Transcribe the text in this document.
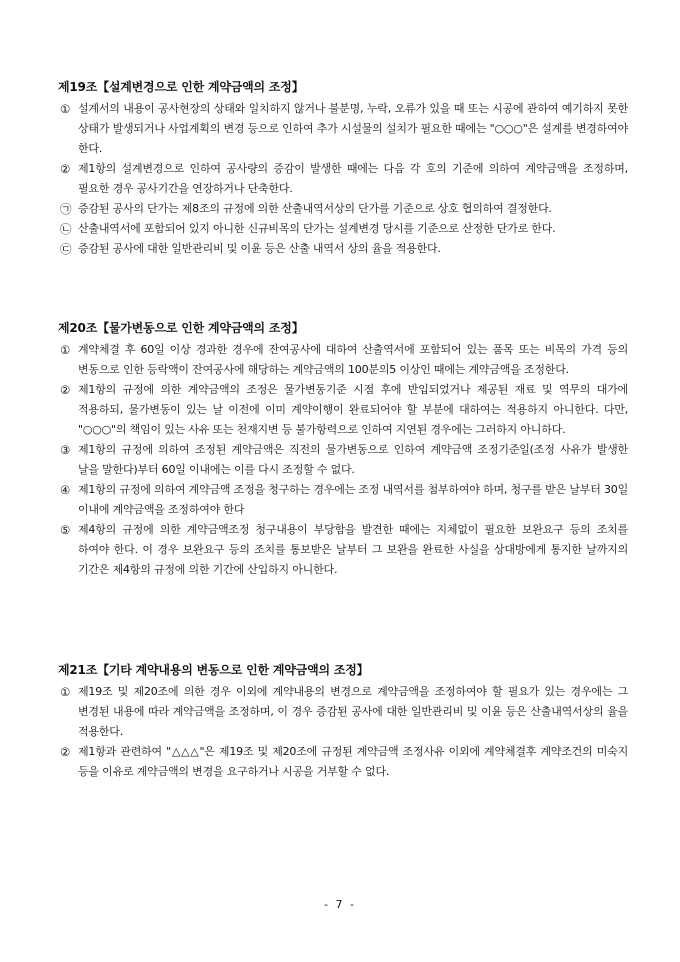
제19조【설계변경으로 인한 계약금액의 조정】
① 설계서의 내용이 공사현장의 상태와 일치하지 않거나 불분명, 누락, 오류가 있을 때 또는 시공에 관하여 예기하지 못한 상태가 발생되거나 사업계획의 변경 등으로 인하여 추가 시설물의 설치가 필요한 때에는 "○○○"은 설계를 변경하여야 한다.
② 제1항의 설계변경으로 인하여 공사량의 증감이 발생한 때에는 다음 각 호의 기준에 의하여 계약금액을 조정하며, 필요한 경우 공사기간을 연장하거나 단축한다.
㉠ 증감된 공사의 단가는 제8조의 규정에 의한 산출내역서상의 단가를 기준으로 상호 협의하여 결정한다.
㉡ 산출내역서에 포함되어 있지 아니한 신규비목의 단가는 설계변경 당시를 기준으로 산정한 단가로 한다.
㉢ 증감된 공사에 대한 일반관리비 및 이윤 등은 산출 내역서 상의 율을 적용한다.
제20조【물가변동으로 인한 계약금액의 조정】
① 계약체결 후 60일 이상 경과한 경우에 잔여공사에 대하여 산출역서에 포함되어 있는 품목 또는 비목의 가격 등의 변동으로 인한 등락액이 잔여공사에 해당하는 계약금액의 100분의5 이상인 때에는 계약금액을 조정한다.
② 제1항의 규정에 의한 계약금액의 조정은 물가변동기준 시점 후에 반입되었거나 제공된 재료 및 역무의 대가에 적용하되, 물가변동이 있는 날 이전에 이미 계약이행이 완료되어야 할 부분에 대하여는 적용하지 아니한다. 다만, "○○○"의 책임이 있는 사유 또는 천재지변 등 불가항력으로 인하여 지연된 경우에는 그러하지 아니하다.
③ 제1항의 규정에 의하여 조정된 계약금액은 직전의 물가변동으로 인하여 계약금액 조정기준일(조정 사유가 발생한 날을 말한다)부터 60일 이내에는 이를 다시 조정할 수 없다.
④ 제1항의 규정에 의하여 계약금액 조정을 청구하는 경우에는 조정 내역서를 첨부하여야 하며, 청구를 받은 날부터 30일 이내에 계약금액을 조정하여야 한다
⑤ 제4항의 규정에 의한 계약금액조정 청구내용이 부당함을 발견한 때에는 지체없이 필요한 보완요구 등의 조치를 하여야 한다. 이 경우 보완요구 등의 조치를 통보받은 날부터 그 보완을 완료한 사실을 상대방에게 통지한 날까지의 기간은 제4항의 규정에 의한 기간에 산입하지 아니한다.
제21조【기타 계약내용의 변동으로 인한 계약금액의 조정】
① 제19조 및 제20조에 의한 경우 이외에 계약내용의 변경으로 계약금액을 조정하여야 할 필요가 있는 경우에는 그 변경된 내용에 따라 계약금액을 조정하며, 이 경우 증감된 공사에 대한 일반관리비 및 이윤 등은 산출내역서상의 율을 적용한다.
② 제1항과 관련하여 "△△△"은 제19조 및 제20조에 규정된 계약금액 조정사유 이외에 계약체결후 계약조건의 미숙지 등을 이유로 계약금액의 변경을 요구하거나 시공을 거부할 수 없다.
- 7 -
